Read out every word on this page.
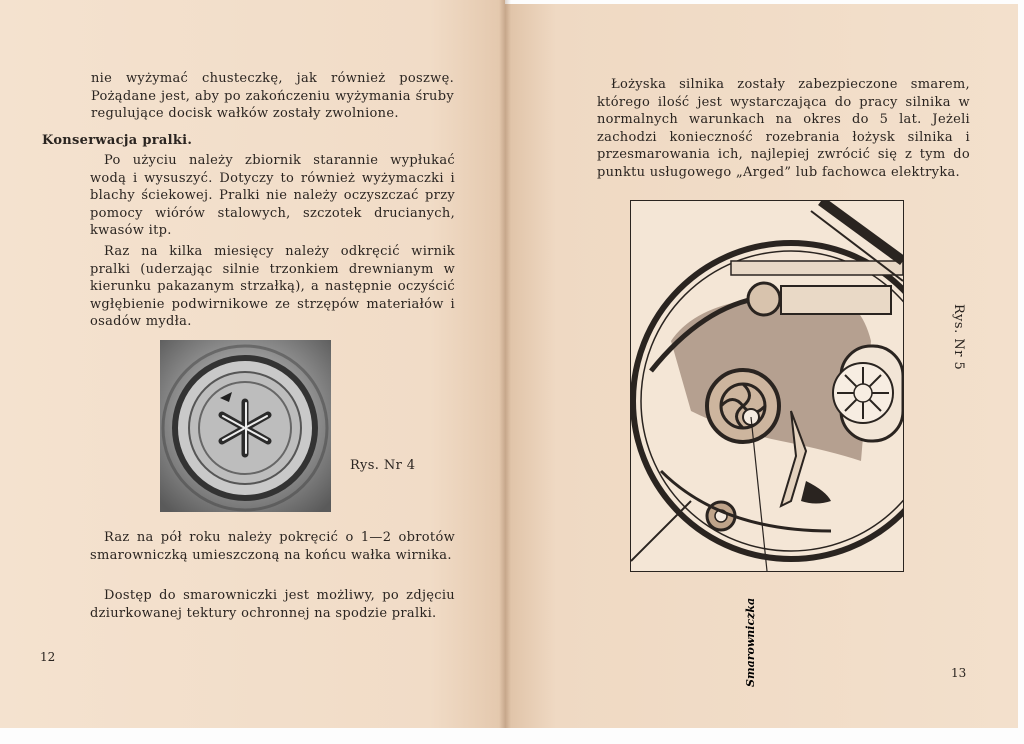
nie wyżymać chusteczkę, jak również poszwę. Pożądane jest, aby po zakończeniu wyżymania śruby regulujące docisk wałków zostały zwolnione.

Konserwacja pralki.

Po użyciu należy zbiornik starannie wypłukać wodą i wysuszyć. Dotyczy to również wyżymaczki i blachy ściekowej. Pralki nie należy oczyszczać przy pomocy wiórów stalowych, szczotek drucianych, kwasów itp.

Raz na kilka miesięcy należy odkręcić wirnik pralki (uderzając silnie trzonkiem drewnianym w kierunku pakazanym strzałką), a następnie oczyścić wgłębienie podwirnikowe ze strzępów materiałów i osadów mydła.

Rys. Nr 4

Raz na pół roku należy pokręcić o 1—2 obrotów smarowniczką umieszczoną na końcu wałka wirnika.

Dostęp do smarowniczki jest możliwy, po zdjęciu dziurkowanej tektury ochronnej na spodzie pralki.

12

Łożyska silnika zostały zabezpieczone smarem, którego ilość jest wystarczająca do pracy silnika w normalnych warunkach na okres do 5 lat. Jeżeli zachodzi konieczność rozebrania łożysk silnika i przesmarowania ich, najlepiej zwrócić się z tym do punktu usługowego „Arged” lub fachowca elektryka.

Rys. Nr 5
13
Smarowniczka
